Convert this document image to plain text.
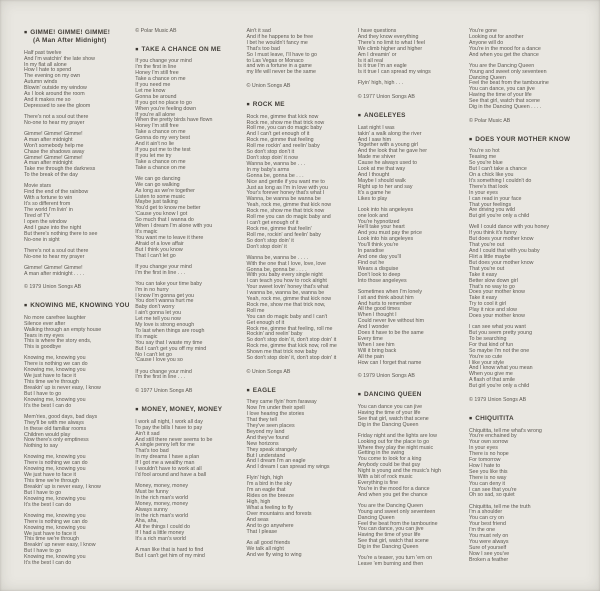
■ GIMME! GIMME! GIMME!
(A Man After Midnight)
Half past twelve
And I'm watchin' the late show
In my flat all alone
How I hate to spend
The evening on my own
Autumn winds
Blowin' outside my window
As I look around the room
And it makes me so
Depressed to see the gloom
There's not a soul out there
No-one to hear my prayer
Gimme! Gimme! Gimme!
A man after midnight
Won't somebody help me
Chase the shadows away
Gimme! Gimme! Gimme!
A man after midnight
Take me through the darkness
To the break of the day
Movie stars
Find the end of the rainbow
With a fortune to win
It's so different from
The world I'm livin' in
Tired of TV
I open the window
And I gaze into the night
But there's nothing there to see
No-one in sight
There's not a soul out there
No-one to hear my prayer
Gimme! Gimme! Gimme!
A man after midnight . . . .
© 1979 Union Songs AB
■ KNOWING ME, KNOWING YOU
No more carefree laughter
Silence ever after
Walking through an empty house
Tears in my eyes
This is where the story ends,
This is goodbye
Knowing me, knowing you
There is nothing we can do
Knowing me, knowing you
We just have to face it
This time we're through
Breakin' up is never easy, I know
But I have to go
Knowing me, knowing you
It's the best I can do
Mem'ries, good days, bad days
They'll be with me always
In these old familiar rooms
Children would play
Now there's only emptiness
Nothing to say
Knowing me, knowing you
There is nothing we can do
Knowing me, knowing you
We just have to face it
This time we're through
Breakin' up is never easy, I know
But I have to go
Knowing me, knowing you
It's the best I can do
Knowing me, knowing you
There is nothing we can do
Knowing me, knowing you
We just have to face it
This time we're through
Breakin' up never easy, I know
But I have to go
Knowing me, knowing you
It's the best I can do
© Polar Music AB
■ TAKE A CHANCE ON ME
If you change your mind
I'm the first in line
Honey I'm still free
Take a chance on me
If you need me
Let me know
Gonna be around
If you got no place to go
When you're feeling down
If you're all alone
When the pretty birds have flown
Honey I'm still free
Take a chance on me
Gonna do my very best
And it ain't no lie
If you put me to the test
If you let me try
Take a chance on me
Take a chance on me
We can go dancing
We can go walking
As long as we're together
Listen to some music
Maybe just talking
You'd get to know me better
'Cause you know I got
So much that I wanna do
When I dream I'm alone with you
It's magic
You want me to leave it there
Afraid of a love affair
But I think you know
That I can't let go
If you change your mind
I'm the first in line . . .
You can take your time baby
I'm in no hurry
I know I'm gonna get you
You don't wanna hurt me
Baby don't worry
I ain't gonna let you
Let me tell you now
My love is strong enough
To last when things are rough
It's magic
You say that I waste my time
But I can't get you off my mind
No I can't let go
'Cause I love you so
If you change your mind
I'm the first in line . . .
© 1977 Union Songs AB
■ MONEY, MONEY, MONEY
I work all night, I work all day
To pay the bills I have to pay
Ain't it sad
And still there never seems to be
A single penny left for me
That's too bad
In my dreams I have a plan
If I got me a wealthy man
I wouldn't have to work at all
I'd fool around and have a ball
Money, money, money
Must be funny
In the rich man's world
Money, money, money
Always sunny
In the rich man's world
Aha, aha,
All the things I could do
If I had a little money
It's a rich man's world
A man like that is hard to find
But I can't get him of my mind
Ain't it sad
And if he happens to be free
I bet he wouldn't fancy me
That's too bad
So I must leave, I'll have to go
to Las Vegas or Monaco
and win a fortune in a game
my life will never be the same
© Union Songs AB
■ ROCK ME
Rock me, gimme that kick now
Rock me, show me that trick now
Roll me, you can do magic baby
And I can't get enough of it
Rock me, gimme that feeling
Roll me rockin' and reelin' baby
So don't stop don't it
Don't stop doin' it now
Wanna be, wanna be . . .
In my baby's arms
Gonna be, gonna be . . .
Nice and gentle if you want me to
Just as long as I'm in love with you
Your's forever honey that's what I
Wanna, be wanna be wanna be
Yeah, rock me, gimme that kick now
Rock me, show me that trick now
Roll me you can do magic baby and
I can't get enough of it
Rock me, gimme that feelin'
Roll me, rockin' and feelin' baby
So don't stop doin' it
Don't stop doin' it
Wanna be, wanna be . . . .
With the one that I love, love, love
Gonna be, gonna be . . . .
With you baby every single night
I can teach you how to rock alright
Your sweet lovin' honey that's what
I wanna be, wanna be, wanna be
Yeah, rock me, gimme that kick now
Rock me, show me that trick now,
Roll me
You can do magic baby and I can't
Get enough of it
Rock me, gimme that feeling, roll me
Rockin' and reelin' baby
So don't stop doin' it, don't stop doin' it
Rock me, gimme that kick now, roll me
Shown me that trick now baby
So don't stop doin' it, don't stop doin' it
© Union Songs AB
■ EAGLE
They came flyin' from faraway
Now I'm under their spell
I love hearing the stories
That they tell
They've seen places
Beyond my land
And they've found
New horizons
They speak strangely
But I understand
And I dream I'm an eagle
And I dream I can spread my wings
Flyin' high, high
I'm a bird in the sky
I'm an eagle that
Rides on the breeze
High, high
What a feeling to fly
Over mountains and forests
And seas
And to go anywhere
That I please
As all good friends
We talk all night
And we fly wing to wing
I have questions
And they know everything
There's no limit to what I feel
We climb higher and higher
Am I dreamin' or
Is it all real
Is it true I'm an eagle
Is it true I can spread my wings
Flyin' high, high . . .
© 1977 Union Songs AB
■ ANGELEYES
Last night I was
takin' a walk along the river
And I saw him
Together with a young girl
And the look that he gave her
Made me shiver
Cause he always used to
Look at me that way
And I thought
Maybe I should walk
Right up to her and say
It's a game he
Likes to play
Look into his angeleyes
one look and
You're hypnotized
He'll take your heart
And you must pay the price
Look into his angeleyes
You'll think you're
In paradise
And one day you'll
Find out he
Wears a disguise
Don't look to deep
Into those angeleyes
Sometimes when I'm lonely
I sit and think about him
And hurts to remember
All the good times
When I thought I
Could never live without him
And I wonder
Does it have to be the same
Every time
When I see him
Will it bring back
All the pain
How can I forget that name
© 1979 Union Songs AB
■ DANCING QUEEN
You can dance you can jive
Having the time of your life
See that girl, watch that scene
Dig in the Dancing Queen
Friday night and the lights are low
Looking out for the place to go
Where they play the night music
Getting in the swing
You come to look for a king
Anybody could be that guy
Night is young and the music's high
With a bit of rock music
Everything is fine
You're in the mood for a dance
And when you get the chance
You are the Dancing Queen
Young and sweet only seventeen
Dancing Queen
Feel the beat from the tambourine
You can dance, you can jive
Having the time of your life
See that girl, watch that scene
Dig in the Dancing Queen
You're a teaser, you turn 'em on
Leave 'em burning and then
You're gone
Looking out for another
Anyone will do
You're in the mood for a dance
And when you get the chance
You are the Dancing Queen
Young and sweet only seventeen
Dancing Queen
Feel the beat from the tambourine
You can dance, you can jive
Having the time of your life
See that girl, watch that scene
Dig in the Dancing Queen . . . .
© Polar Music AB
■ DOES YOUR MOTHER KNOW
You're so hot
Teasing me
So you're blue
But I can't take a chance
On a chick like you
It's something I couldn't do
There's that look
In your eyes
I can read in your face
That your feelings
Are driving you wild
But girl you're only a child
Well I could dance with you honey
If you think it's funny
But does your mother know
That you're out
And I could that with you baby
Flirt a little maybe
But does your mother know
That you're out
Take it easy
Better slow down girl
That's no way to go
Does your mother know
Take it easy
Try to cool it girl
Play it nice and slow
Does your mother know
I can see what you want
But you seem pretty young
To be searching
For that kind of fun
So maybe I'm not the one
You're so cute
I like your style
And I know what you mean
When you give me
A flash of that smile
But girl you're only a child
© 1979 Union Songs AB
■ CHIQUITITA
Chiquitita, tell me what's wrong
You're enchained by
Your own sorrow
In your eyes
There is no hope
For tomorrow
How I hate to
See you like this
There is no way
You can deny it
I can see that you're
Oh so sad, so quiet
Chiquitita, tell me the truth
I'm a shoulder
You can cry on
Your best friend
I'm the one
You must rely on
You were always
Sure of yourself
Now I see you've
Broken a feather
